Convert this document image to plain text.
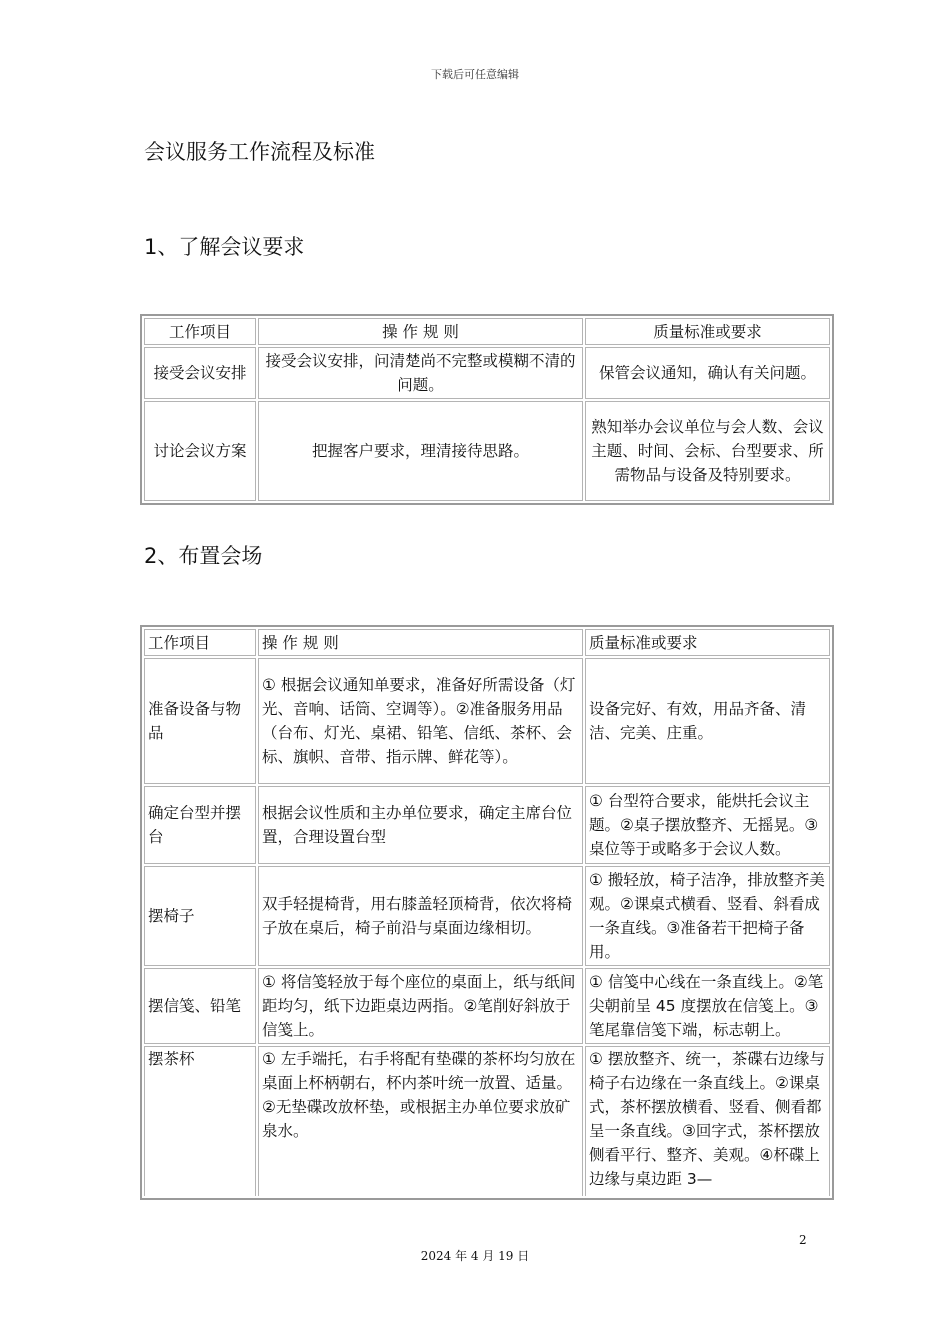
下载后可任意编辑
会议服务工作流程及标准
1、了解会议要求
工作项目	操 作 规 则	质量标准或要求
接受会议安排	接受会议安排，问清楚尚不完整或模糊不清的问题。	保管会议通知，确认有关问题。
讨论会议方案	把握客户要求，理清接待思路。	熟知举办会议单位与会人数、会议主题、时间、会标、台型要求、所需物品与设备及特别要求。
2、布置会场
工作项目	操 作 规 则	质量标准或要求
准备设备与物品	① 根据会议通知单要求，准备好所需设备（灯光、音响、话筒、空调等）。②准备服务用品（台布、灯光、桌裙、铅笔、信纸、茶杯、会标、旗帜、音带、指示牌、鲜花等）。	设备完好、有效，用品齐备、清洁、完美、庄重。
确定台型并摆台	根据会议性质和主办单位要求，确定主席台位置，合理设置台型	① 台型符合要求，能烘托会议主题。②桌子摆放整齐、无摇晃。③桌位等于或略多于会议人数。
摆椅子	双手轻提椅背，用右膝盖轻顶椅背，依次将椅子放在桌后，椅子前沿与桌面边缘相切。	① 搬轻放，椅子洁净，排放整齐美观。②课桌式横看、竖看、斜看成一条直线。③准备若干把椅子备用。
摆信笺、铅笔	① 将信笺轻放于每个座位的桌面上，纸与纸间距均匀，纸下边距桌边两指。②笔削好斜放于信笺上。	① 信笺中心线在一条直线上。②笔尖朝前呈 45 度摆放在信笺上。③笔尾靠信笺下端，标志朝上。
摆茶杯	① 左手端托，右手将配有垫碟的茶杯均匀放在桌面上杯柄朝右，杯内茶叶统一放置、适量。②无垫碟改放杯垫，或根据主办单位要求放矿泉水。	① 摆放整齐、统一，茶碟右边缘与椅子右边缘在一条直线上。②课桌式，茶杯摆放横看、竖看、侧看都呈一条直线。③回字式，茶杯摆放侧看平行、整齐、美观。④杯碟上边缘与桌边距 3—
2
2024 年 4 月 19 日
